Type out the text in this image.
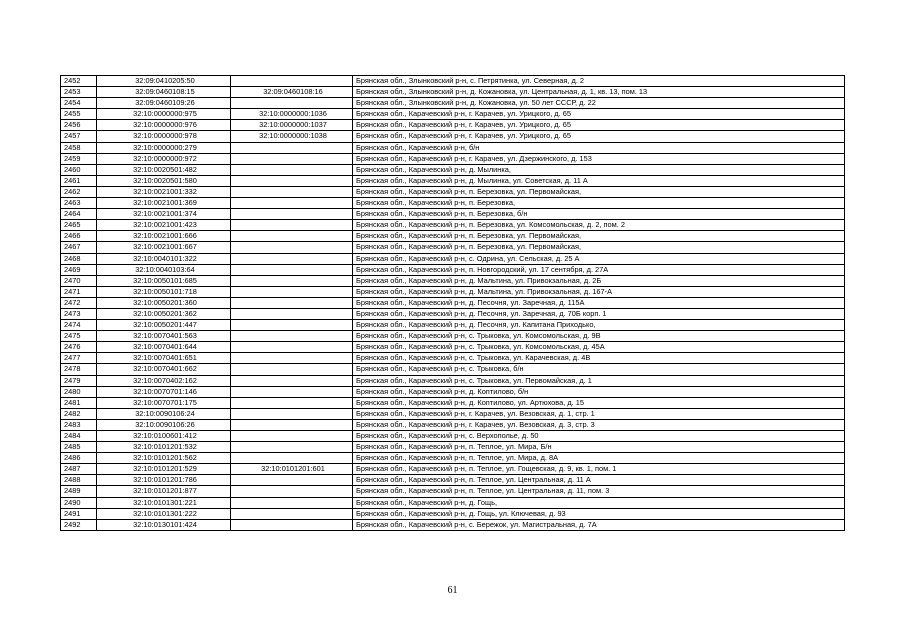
2452	32:09:0410205:50		Брянская обл., Злынковский р-н, с. Петрятинка, ул. Северная, д. 2
2453	32:09:0460108:15	32:09:0460108:16	Брянская обл., Злынковский р-н, д. Кожановка, ул. Центральная, д. 1, кв. 13, пом. 13
2454	32:09:0460109:26		Брянская обл., Злынковский р-н, д. Кожановка, ул. 50 лет СССР, д. 22
2455	32:10:0000000:975	32:10:0000000:1036	Брянская обл., Карачевский р-н, г. Карачев, ул. Урицкого, д. 65
2456	32:10:0000000:976	32:10:0000000:1037	Брянская обл., Карачевский р-н, г. Карачев, ул. Урицкого, д. 65
2457	32:10:0000000:978	32:10:0000000:1038	Брянская обл., Карачевский р-н, г. Карачев, ул. Урицкого, д. 65
2458	32:10:0000000:279		Брянская обл., Карачевский р-н, б/н
2459	32:10:0000000:972		Брянская обл., Карачевский р-н, г. Карачев, ул. Дзержинского, д. 153
2460	32:10:0020501:482		Брянская обл., Карачевский р-н, д. Мылинка,
2461	32:10:0020501:580		Брянская обл., Карачевский р-н, д. Мылинка, ул. Советская, д. 11 А
2462	32:10:0021001:332		Брянская обл., Карачевский р-н, п. Березовка, ул. Первомайская,
2463	32:10:0021001:369		Брянская обл., Карачевский р-н, п. Березовка,
2464	32:10:0021001:374		Брянская обл., Карачевский р-н, п. Березовка, б/н
2465	32:10:0021001:423		Брянская обл., Карачевский р-н, п. Березовка, ул. Комсомольская, д. 2, пом. 2
2466	32:10:0021001:666		Брянская обл., Карачевский р-н, п. Березовка, ул. Первомайская,
2467	32:10:0021001:667		Брянская обл., Карачевский р-н, п. Березовка, ул. Первомайская,
2468	32:10:0040101:322		Брянская обл., Карачевский р-н, с. Одрина, ул. Сельская, д. 25 А
2469	32:10:0040103:64		Брянская обл., Карачевский р-н, п. Новгородский, ул. 17 сентября, д. 27А
2470	32:10:0050101:685		Брянская обл., Карачевский р-н, д. Мальтина, ул. Привокзальная, д. 2Б
2471	32:10:0050101:718		Брянская обл., Карачевский р-н, д. Мальтина, ул. Привокзальная, д. 167-А
2472	32:10:0050201:360		Брянская обл., Карачевский р-н, д. Песочня, ул. Заречная, д. 115А
2473	32:10:0050201:362		Брянская обл., Карачевский р-н, д. Песочня, ул. Заречная, д. 70Б корп. 1
2474	32:10:0050201:447		Брянская обл., Карачевский р-н, д. Песочня, ул. Капитана Приходько,
2475	32:10:0070401:563		Брянская обл., Карачевский р-н, с. Трыковка, ул. Комсомольская, д. 9В
2476	32:10:0070401:644		Брянская обл., Карачевский р-н, с. Трыковка, ул. Комсомольская, д. 45А
2477	32:10:0070401:651		Брянская обл., Карачевский р-н, с. Трыковка, ул. Карачевская, д. 4В
2478	32:10:0070401:662		Брянская обл., Карачевский р-н, с. Трыковка, б/н
2479	32:10:0070402:162		Брянская обл., Карачевский р-н, с. Трыковка, ул. Первомайская, д. 1
2480	32:10:0070701:146		Брянская обл., Карачевский р-н, д. Коптилово, б/н
2481	32:10:0070701:175		Брянская обл., Карачевский р-н, д. Коптилово, ул. Артюхова, д. 15
2482	32:10:0090106:24		Брянская обл., Карачевский р-н, г. Карачев, ул. Везовская, д. 1, стр. 1
2483	32:10:0090106:26		Брянская обл., Карачевский р-н, г. Карачев, ул. Везовская, д. 3, стр. 3
2484	32:10:0100601:412		Брянская обл., Карачевский р-н, с. Верхополье, д. 50
2485	32:10:0101201:532		Брянская обл., Карачевский р-н, п. Теплое, ул. Мира, Б/н
2486	32:10:0101201:562		Брянская обл., Карачевский р-н, п. Теплое, ул. Мира, д. 8А
2487	32:10:0101201:529	32:10:0101201:601	Брянская обл., Карачевский р-н, п. Теплое, ул. Гощевская, д. 9, кв. 1, пом. 1
2488	32:10:0101201:786		Брянская обл., Карачевский р-н, п. Теплое, ул. Центральная, д. 11 А
2489	32:10:0101201:877		Брянская обл., Карачевский р-н, п. Теплое, ул. Центральная, д. 11, пом. 3
2490	32:10:0101301:221		Брянская обл., Карачевский р-н, д. Гощь,
2491	32:10:0101301:222		Брянская обл., Карачевский р-н, д. Гощь, ул. Ключевая, д. 93
2492	32:10:0130101:424		Брянская обл., Карачевский р-н, с. Бережок, ул. Магистральная, д. 7А
61
